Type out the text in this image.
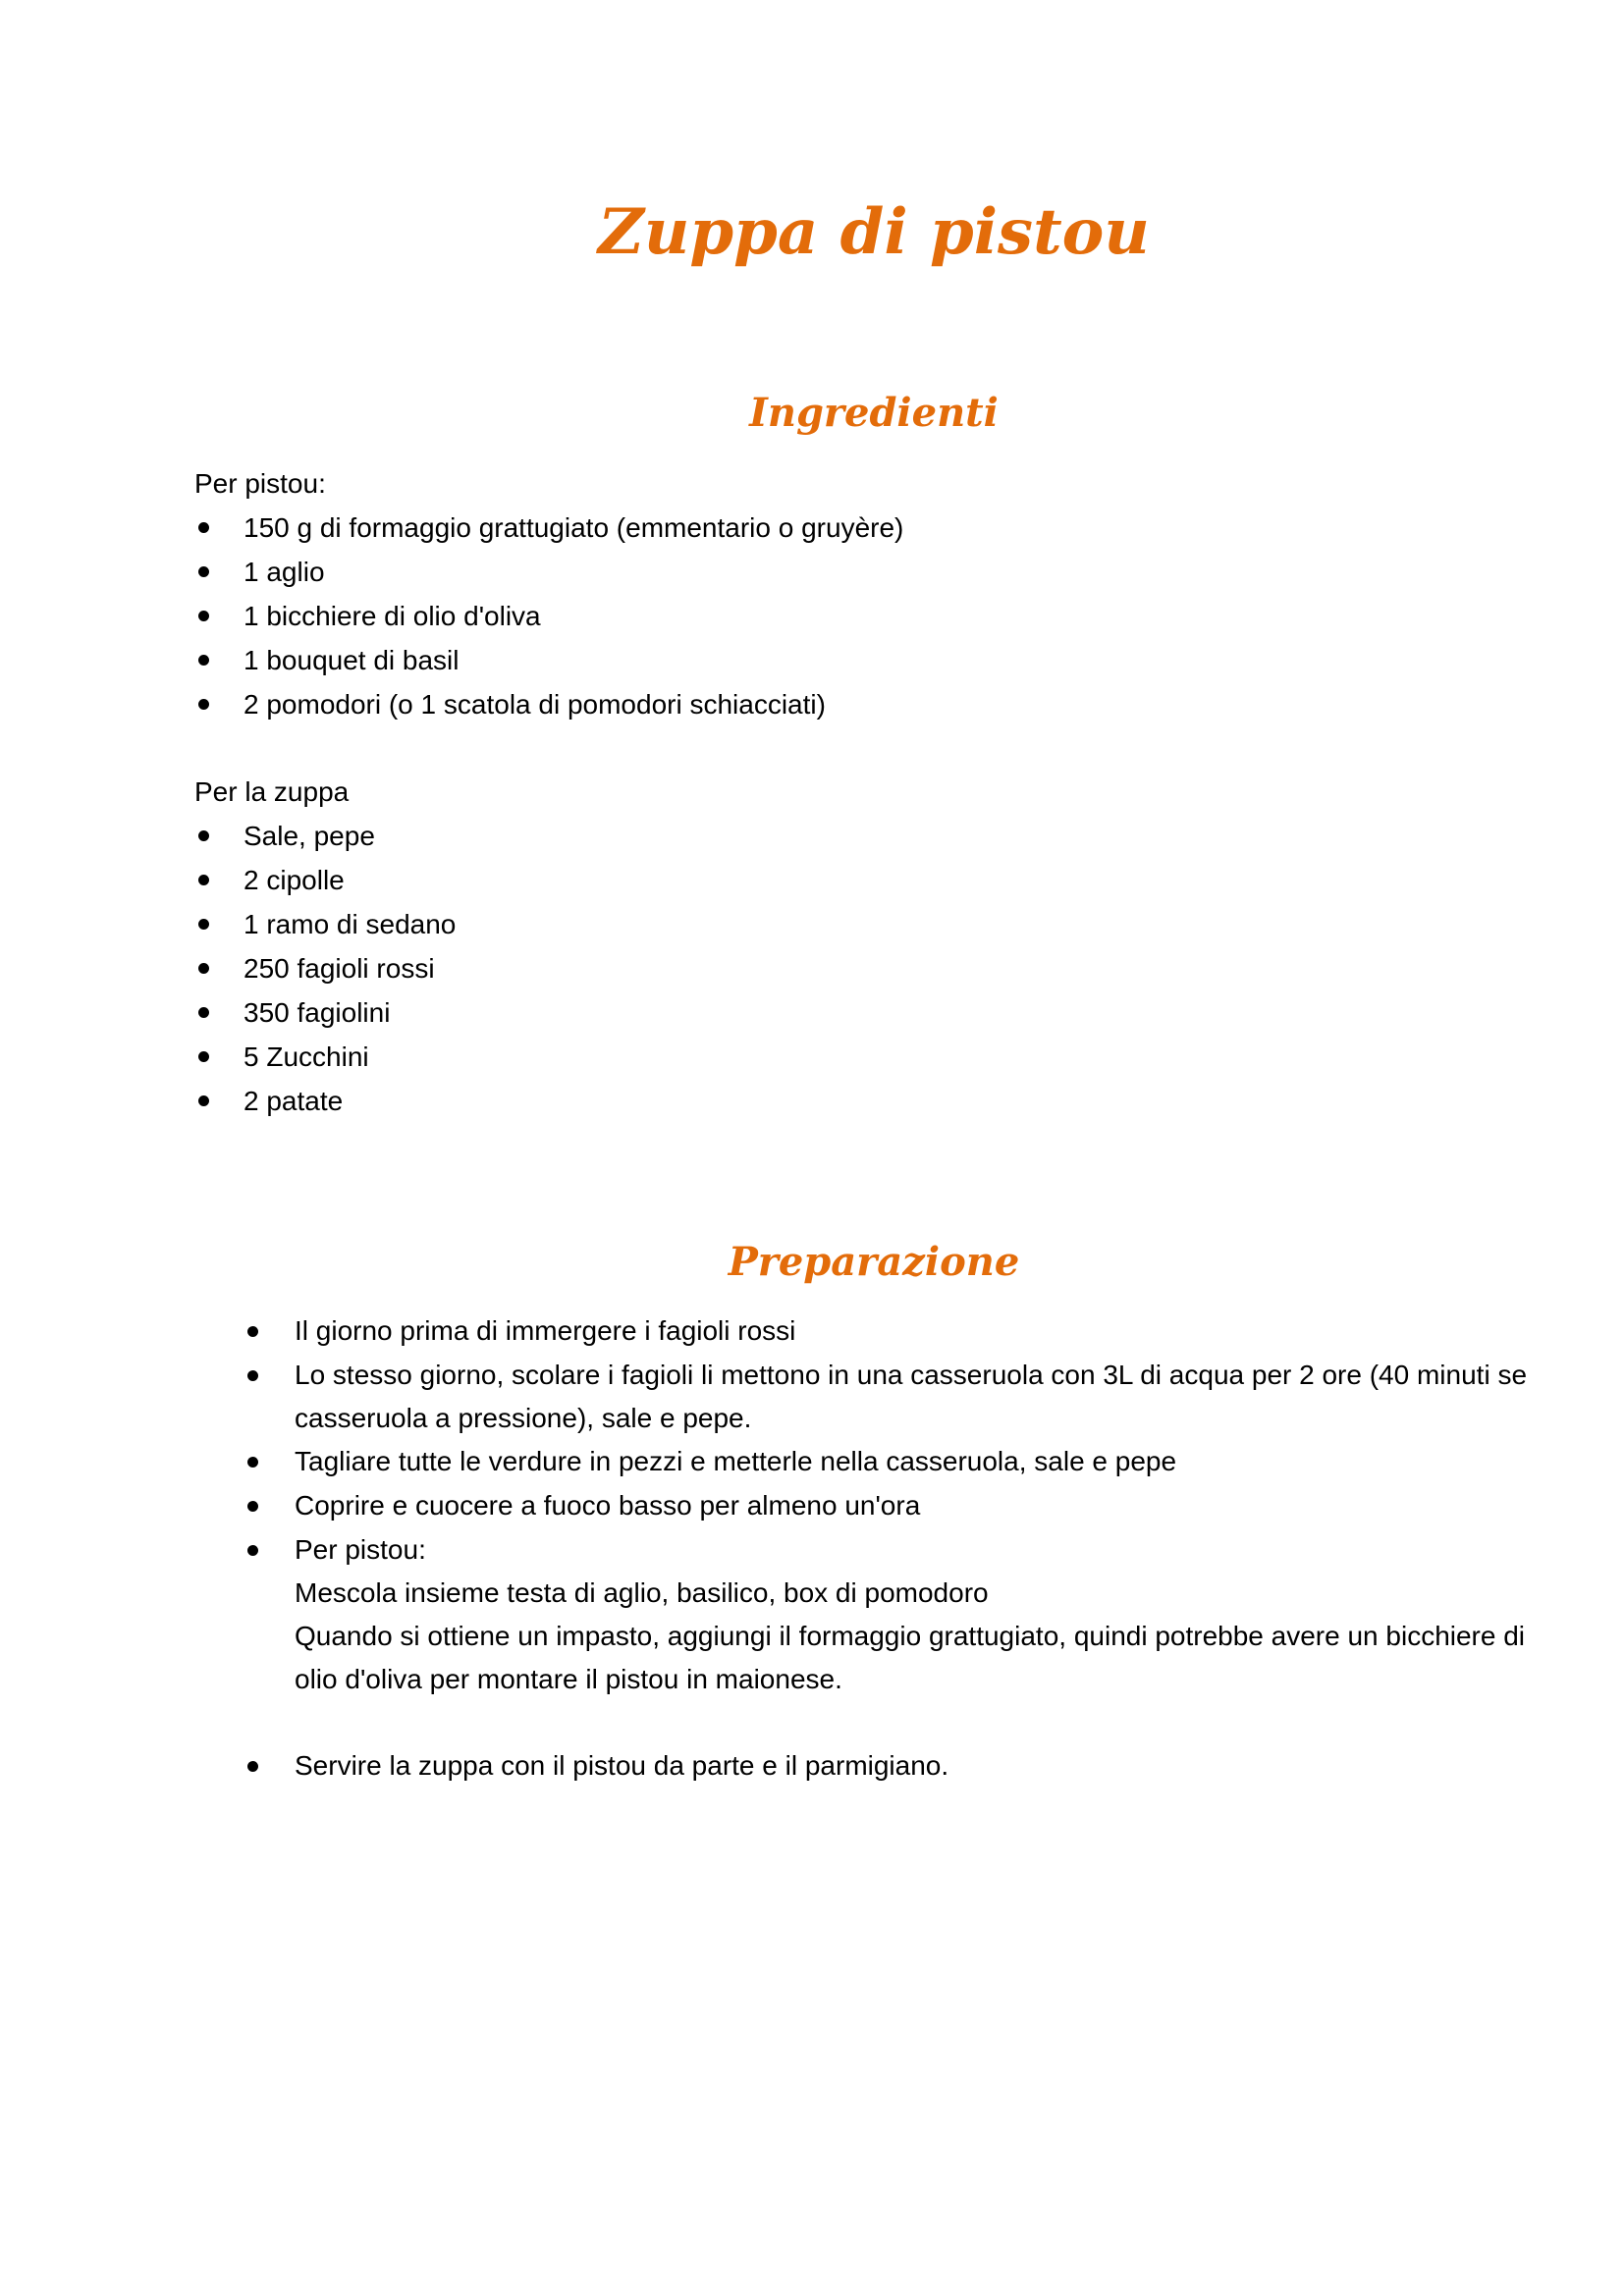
Zuppa di pistou
Ingredienti
Per pistou:
150 g di formaggio grattugiato (emmentario o gruyère)
1 aglio
1 bicchiere di olio d'oliva
1 bouquet di basil
2 pomodori (o 1 scatola di pomodori schiacciati)
Per la zuppa
Sale, pepe
2 cipolle
1 ramo di sedano
250 fagioli rossi
350 fagiolini
5 Zucchini
2 patate
Preparazione
Il giorno prima di immergere i fagioli rossi
Lo stesso giorno, scolare i fagioli li mettono in una casseruola con 3L di acqua per 2 ore (40 minuti se casseruola a pressione), sale e pepe.
Tagliare tutte le verdure in pezzi e metterle nella casseruola, sale e pepe
Coprire e cuocere a fuoco basso per almeno un'ora
Per pistou:
Mescola insieme testa di aglio, basilico, box di pomodoro
Quando si ottiene un impasto, aggiungi il formaggio grattugiato, quindi potrebbe avere un bicchiere di olio d'oliva per montare il pistou in maionese.
Servire la zuppa con il pistou da parte e il parmigiano.
